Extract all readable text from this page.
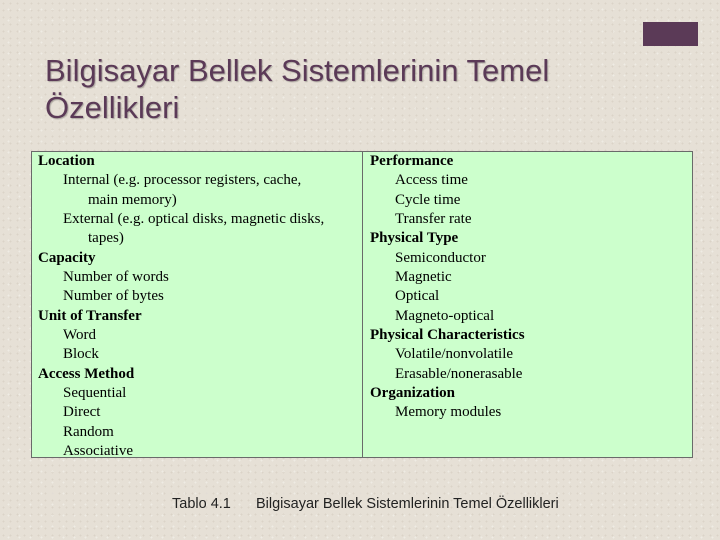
Bilgisayar Bellek Sistemlerinin Temel Özellikleri
Location
Internal (e.g. processor registers, cache,
main memory)
External (e.g. optical disks, magnetic disks,
tapes)
Capacity
Number of words
Number of bytes
Unit of Transfer
Word
Block
Access Method
Sequential
Direct
Random
Associative
Performance
Access time
Cycle time
Transfer rate
Physical Type
Semiconductor
Magnetic
Optical
Magneto-optical
Physical Characteristics
Volatile/nonvolatile
Erasable/nonerasable
Organization
Memory modules
Tablo 4.1 Bilgisayar Bellek Sistemlerinin Temel Özellikleri
